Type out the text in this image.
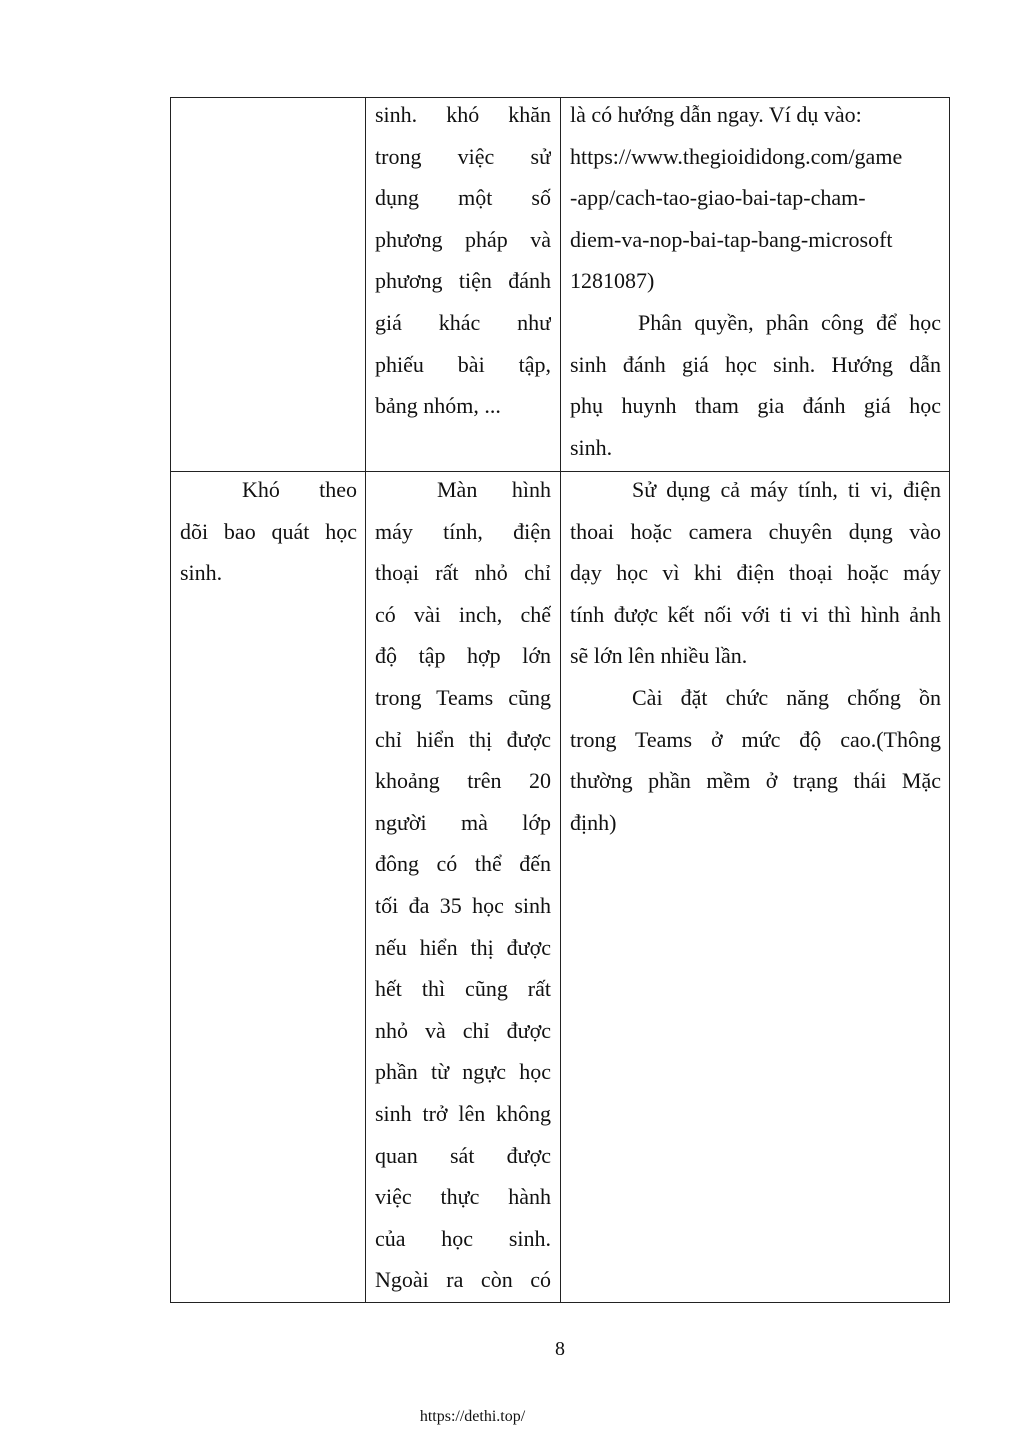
sinh. khó khăn
trong việc sử
dụng một số
phương pháp và
phương tiện đánh
giá khác như
phiếu bài tập,
bảng nhóm, ...
là có hướng dẫn ngay. Ví dụ vào:
https://www.thegioididong.com/game
-app/cach-tao-giao-bai-tap-cham-
diem-va-nop-bai-tap-bang-microsoft
1281087)
Phân quyền, phân công để học
sinh đánh giá học sinh. Hướng dẫn
phụ huynh tham gia đánh giá học
sinh.
Khó theo
dõi bao quát học
sinh.
Màn hình
máy tính, điện
thoại rất nhỏ chỉ
có vài inch, chế
độ tập hợp lớn
trong Teams cũng
chỉ hiển thị được
khoảng trên 20
người mà lớp
đông có thể đến
tối đa 35 học sinh
nếu hiển thị được
hết thì cũng rất
nhỏ và chỉ được
phần từ ngực học
sinh trở lên không
quan sát được
việc thực hành
của học sinh.
Ngoài ra còn có
Sử dụng cả máy tính, ti vi, điện
thoai hoặc camera chuyên dụng vào
dạy học vì khi điện thoại hoặc máy
tính được kết nối với ti vi thì hình ảnh
sẽ lớn lên nhiều lần.
Cài đặt chức năng chống ồn
trong Teams ở mức độ cao.(Thông
thường phần mềm ở trạng thái Mặc
định)
8
https://dethi.top/
